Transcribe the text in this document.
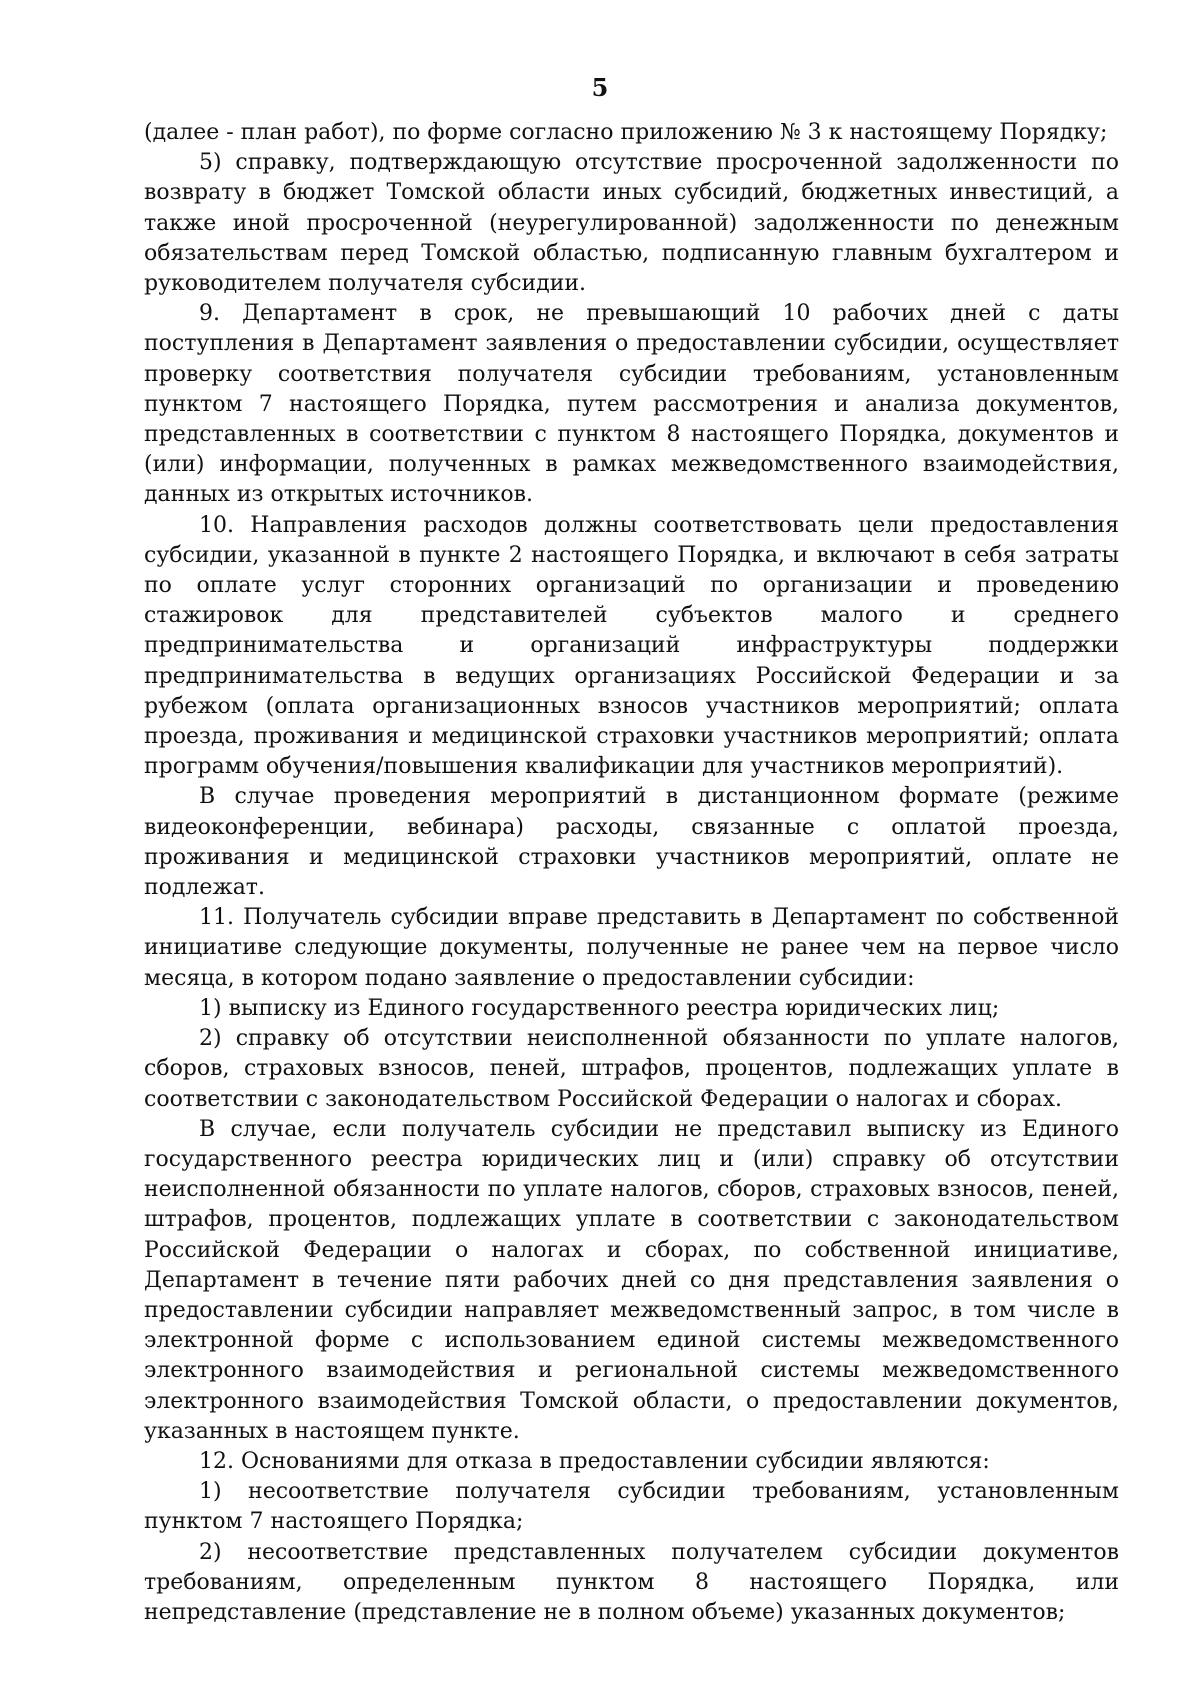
5

(далее - план работ), по форме согласно приложению № 3 к настоящему Порядку;

5) справку, подтверждающую отсутствие просроченной задолженности по возврату в бюджет Томской области иных субсидий, бюджетных инвестиций, а также иной просроченной (неурегулированной) задолженности по денежным обязательствам перед Томской областью, подписанную главным бухгалтером и руководителем получателя субсидии.

9. Департамент в срок, не превышающий 10 рабочих дней с даты поступления в Департамент заявления о предоставлении субсидии, осуществляет проверку соответствия получателя субсидии требованиям, установленным пунктом 7 настоящего Порядка, путем рассмотрения и анализа документов, представленных в соответствии с пунктом 8 настоящего Порядка, документов и (или) информации, полученных в рамках межведомственного взаимодействия, данных из открытых источников.

10. Направления расходов должны соответствовать цели предоставления субсидии, указанной в пункте 2 настоящего Порядка, и включают в себя затраты по оплате услуг сторонних организаций по организации и проведению стажировок для представителей субъектов малого и среднего предпринимательства и организаций инфраструктуры поддержки предпринимательства в ведущих организациях Российской Федерации и за рубежом (оплата организационных взносов участников мероприятий; оплата проезда, проживания и медицинской страховки участников мероприятий; оплата программ обучения/повышения квалификации для участников мероприятий).

В случае проведения мероприятий в дистанционном формате (режиме видеоконференции, вебинара) расходы, связанные с оплатой проезда, проживания и медицинской страховки участников мероприятий, оплате не подлежат.

11. Получатель субсидии вправе представить в Департамент по собственной инициативе следующие документы, полученные не ранее чем на первое число месяца, в котором подано заявление о предоставлении субсидии:

1) выписку из Единого государственного реестра юридических лиц;

2) справку об отсутствии неисполненной обязанности по уплате налогов, сборов, страховых взносов, пеней, штрафов, процентов, подлежащих уплате в соответствии с законодательством Российской Федерации о налогах и сборах.

В случае, если получатель субсидии не представил выписку из Единого государственного реестра юридических лиц и (или) справку об отсутствии неисполненной обязанности по уплате налогов, сборов, страховых взносов, пеней, штрафов, процентов, подлежащих уплате в соответствии с законодательством Российской Федерации о налогах и сборах, по собственной инициативе, Департамент в течение пяти рабочих дней со дня представления заявления о предоставлении субсидии направляет межведомственный запрос, в том числе в электронной форме с использованием единой системы межведомственного электронного взаимодействия и региональной системы межведомственного электронного взаимодействия Томской области, о предоставлении документов, указанных в настоящем пункте.

12. Основаниями для отказа в предоставлении субсидии являются:

1) несоответствие получателя субсидии требованиям, установленным пунктом 7 настоящего Порядка;

2) несоответствие представленных получателем субсидии документов требованиям, определенным пунктом 8 настоящего Порядка, или непредставление (представление не в полном объеме) указанных документов;
